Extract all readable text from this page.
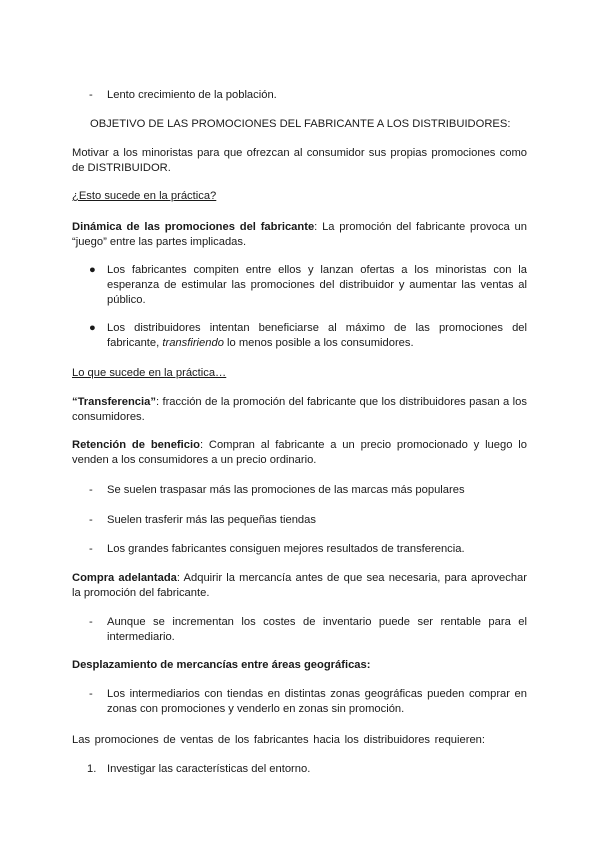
-	Lento crecimiento de la población.
OBJETIVO DE LAS PROMOCIONES DEL FABRICANTE A LOS DISTRIBUIDORES:
Motivar a los minoristas para que ofrezcan al consumidor sus propias promociones como de DISTRIBUIDOR.
¿Esto sucede en la práctica?
Dinámica de las promociones del fabricante: La promoción del fabricante provoca un “juego” entre las partes implicadas.
●	Los fabricantes compiten entre ellos y lanzan ofertas a los minoristas con la esperanza de estimular las promociones del distribuidor y aumentar las ventas al público.
●	Los distribuidores intentan beneficiarse al máximo de las promociones del fabricante, transfiriendo lo menos posible a los consumidores.
Lo que sucede en la práctica…
“Transferencia”: fracción de la promoción del fabricante que los distribuidores pasan a los consumidores.
Retención de beneficio: Compran al fabricante a un precio promocionado y luego lo venden a los consumidores a un precio ordinario.
-	Se suelen traspasar más las promociones de las marcas más populares
-	Suelen trasferir más las pequeñas tiendas
-	Los grandes fabricantes consiguen mejores resultados de transferencia.
Compra adelantada: Adquirir la mercancía antes de que sea necesaria, para aprovechar la promoción del fabricante.
-	Aunque se incrementan los costes de inventario puede ser rentable para el intermediario.
Desplazamiento de mercancías entre áreas geográficas:
-	Los intermediarios con tiendas en distintas zonas geográficas pueden comprar en zonas con promociones y venderlo en zonas sin promoción.
Las promociones de ventas de los fabricantes hacia los distribuidores requieren:
1. Investigar las características del entorno.
